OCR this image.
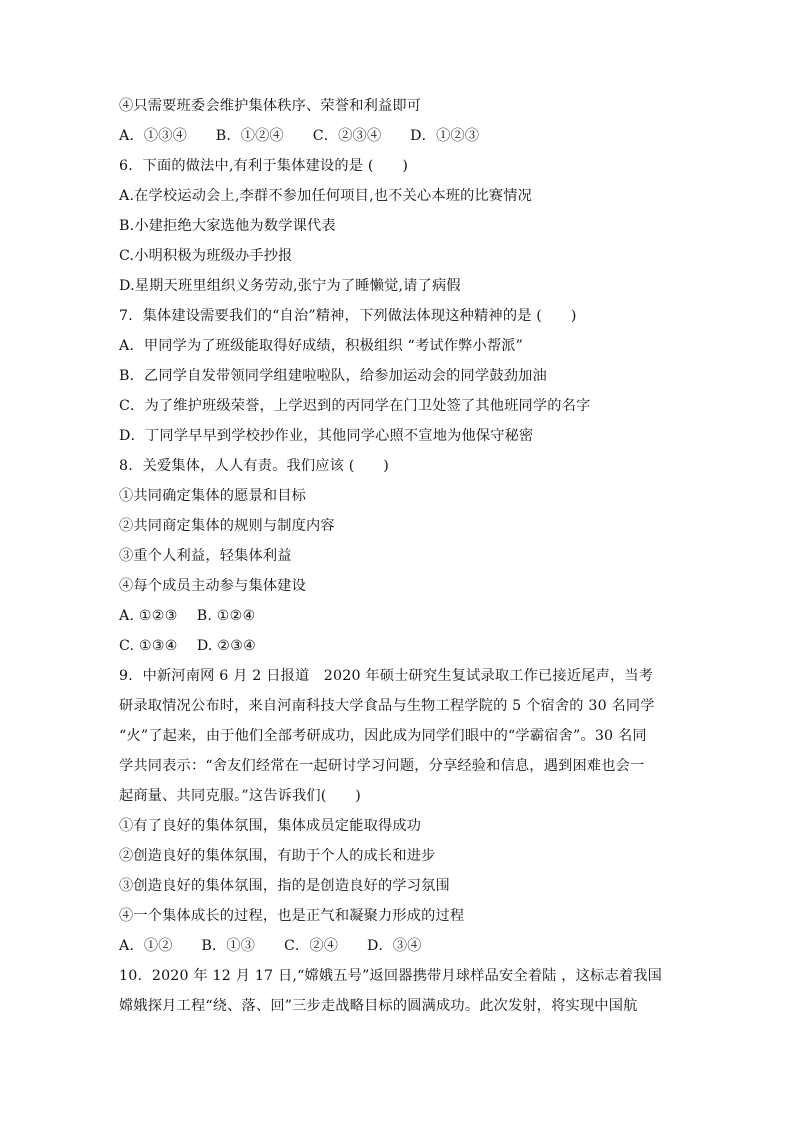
④只需要班委会维护集体秩序、荣誉和利益即可
A．①③④　　B．①②④　　C．②③④　　D．①②③
6．下面的做法中,有利于集体建设的是 (　　)
A.在学校运动会上,李群不参加任何项目,也不关心本班的比赛情况
B.小建拒绝大家选他为数学课代表
C.小明积极为班级办手抄报
D.星期天班里组织义务劳动,张宁为了睡懒觉,请了病假
7．集体建设需要我们的“自治”精神，下列做法体现这种精神的是 (　　)
A．甲同学为了班级能取得好成绩，积极组织 “考试作弊小帮派”
B．乙同学自发带领同学组建啦啦队，给参加运动会的同学鼓劲加油
C．为了维护班级荣誉，上学迟到的丙同学在门卫处签了其他班同学的名字
D．丁同学早早到学校抄作业，其他同学心照不宣地为他保守秘密
8．关爱集体，人人有责。我们应该 (　　)
①共同确定集体的愿景和目标
②共同商定集体的规则与制度内容
③重个人利益，轻集体利益
④每个成员主动参与集体建设
A. ①②③　 B. ①②④
C. ①③④　 D. ②③④
9．中新河南网 6 月 2 日报道　2020 年硕士研究生复试录取工作已接近尾声，当考
研录取情况公布时，来自河南科技大学食品与生物工程学院的 5 个宿舍的 30 名同学
“火”了起来，由于他们全部考研成功，因此成为同学们眼中的“学霸宿舍”。30 名同
学共同表示：“舍友们经常在一起研讨学习问题，分享经验和信息，遇到困难也会一
起商量、共同克服。”这告诉我们(　　)
①有了良好的集体氛围，集体成员定能取得成功
②创造良好的集体氛围，有助于个人的成长和进步
③创造良好的集体氛围，指的是创造良好的学习氛围
④一个集体成长的过程，也是正气和凝聚力形成的过程
A．①②　　B．①③　　C．②④　　D．③④
10．2020 年 12 月 17 日,“嫦娥五号”返回器携带月球样品安全着陆 ，这标志着我国
嫦娥探月工程“绕、落、回”三步走战略目标的圆满成功。此次发射，将实现中国航
